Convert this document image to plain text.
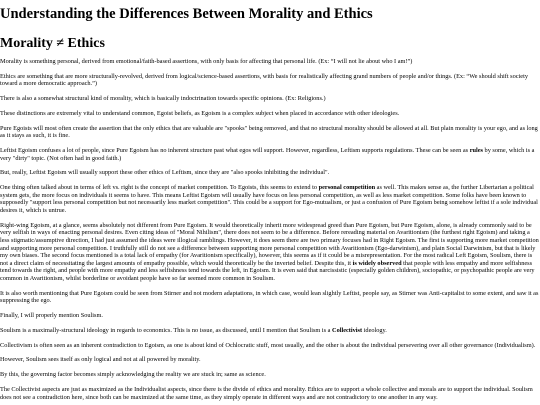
Understanding the Differences Between Morality and Ethics
Morality ≠ Ethics

Morality is something personal, derived from emotional/faith-based assertions, with only basis for affecting that personal life. (Ex: “I will not lie about who I am!”)

Ethics are something that are more structurally-revolved, derived from logical/science-based assertions, with basis for realistically affecting grand numbers of people and/or things. (Ex: “We should shift society toward a more democratic approach.”)

There is also a somewhat structural kind of morality, which is basically indoctrination towards specific opinions. (Ex: Religions.)

These distinctions are extremely vital to understand common, Egoist beliefs, as Egoism is a complex subject when placed in accordance with other ideologies.

Pure Egoists will most often create the assertion that the only ethics that are valuable are "spooks" being removed, and that no structural morality should be allowed at all. But plain morality is your ego, and as long as it stays as such, it is fine.

Leftist Egoism confuses a lot of people, since Pure Egoism has no inherent structure past what egos will support. However, regardless, Leftism supports regulations. These can be seen as rules by some, which is a very "dirty" topic. (Not often had in good faith.)

But, really, Leftist Egoism will usually support these other ethics of Leftism, since they are "also spooks inhibiting the individual".

One thing often talked about in terms of left vs. right is the concept of market competition. To Egoists, this seems to extend to personal competition as well. This makes sense as, the further Libertarian a political system gets, the more focus on individuals it seems to have. This means Leftist Egoism will usually have focus on less personal competition, as well as less market competition. Some folks have been known to supposedly "support less personal competition but not necessarily less market competition". This could be a support for Ego-mutualism, or just a confusion of Pure Egoism being somehow leftist if a sole individual desires it, which is untrue.

Right-wing Egoism, at a glance, seems absolutely not different from Pure Egoism. It would theoretically inherit more widespread greed than Pure Egoism, but Pure Egoism, alone, is already commonly said to be very selfish in ways of enacting personal desires. Even citing ideas of "Moral Nihilism", there does not seem to be a difference. Before rereading material on Avaritionism (the furthest right Egoism) and taking a less stigmatic/assumptive direction, I had just assumed the ideas were illogical ramblings. However, it does seem there are two primary focuses had in Right Egoism. The first is supporting more market competition and supporting more personal competition. I truthfully still do not see a difference between supporting more personal competition with Avaritionism (Ego-darwinism), and plain Social Darwinism, but that is likely my own biases. The second focus mentioned is a total lack of empathy (for Avaritionism specifically), however, this seems as if it could be a misrepresentation. For the most radical Left Egoism, Soulism, there is not a direct claim of necessitating the largest amounts of empathy possible, which would theoretically be the inverted belief. Despite this, it is widely observed that people with less empathy and more selfishness tend towards the right, and people with more empathy and less selfishness tend towards the left, in Egoism. It is even said that narcissistic (especially golden children), sociopathic, or psychopathic people are very common in Avaritionism, whilst borderline or avoidant people have so far seemed more common in Soulism.

It is also worth mentioning that Pure Egoism could be seen from Stirner and not modern adaptations, in which case, would lean slightly Leftist, people say, as Stirner was Anti-capitalist to some extent, and saw it as suppressing the ego.

Finally, I will properly mention Soulism.

Soulism is a maximally-structural ideology in regards to economics. This is no issue, as discussed, until I mention that Soulism is a Collectivist ideology.

Collectivism is often seen as an inherent contradiction to Egoism, as one is about kind of Ochlocratic stuff, most usually, and the other is about the individual persevering over all other governance (Individualism).

However, Soulism sees itself as only logical and not at all powered by morality.

By this, the governing factor becomes simply acknowledging the reality we are stuck in; same as science.

The Collectivist aspects are just as maximized as the Individualist aspects, since there is the divide of ethics and morality. Ethics are to support a whole collective and morals are to support the individual. Soulism does not see a contradiction here, since both can be maximized at the same time, as they simply operate in different ways and are not contradictory to one another in any way.
